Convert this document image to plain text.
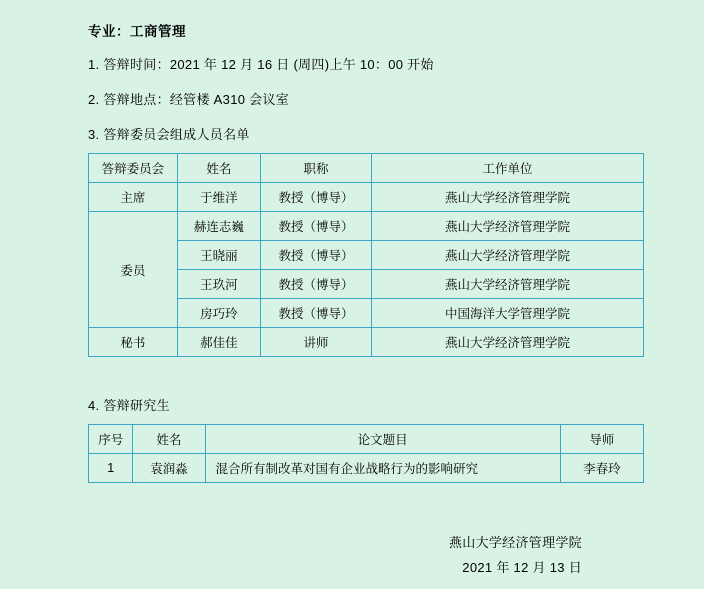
专业：工商管理
1. 答辩时间：2021 年 12 月 16 日 (周四)上午 10：00 开始
2. 答辩地点：经管楼 A310 会议室
3. 答辩委员会组成人员名单
答辩委员会	姓名	职称	工作单位
主席	于维洋	教授（博导）	燕山大学经济管理学院
委员	赫连志巍	教授（博导）	燕山大学经济管理学院
	王晓丽	教授（博导）	燕山大学经济管理学院
	王玖河	教授（博导）	燕山大学经济管理学院
	房巧玲	教授（博导）	中国海洋大学管理学院
秘书	郝佳佳	讲师	燕山大学经济管理学院
4. 答辩研究生
序号	姓名	论文题目	导师
1	袁润淼	混合所有制改革对国有企业战略行为的影响研究	李春玲
燕山大学经济管理学院
2021 年 12 月 13 日
